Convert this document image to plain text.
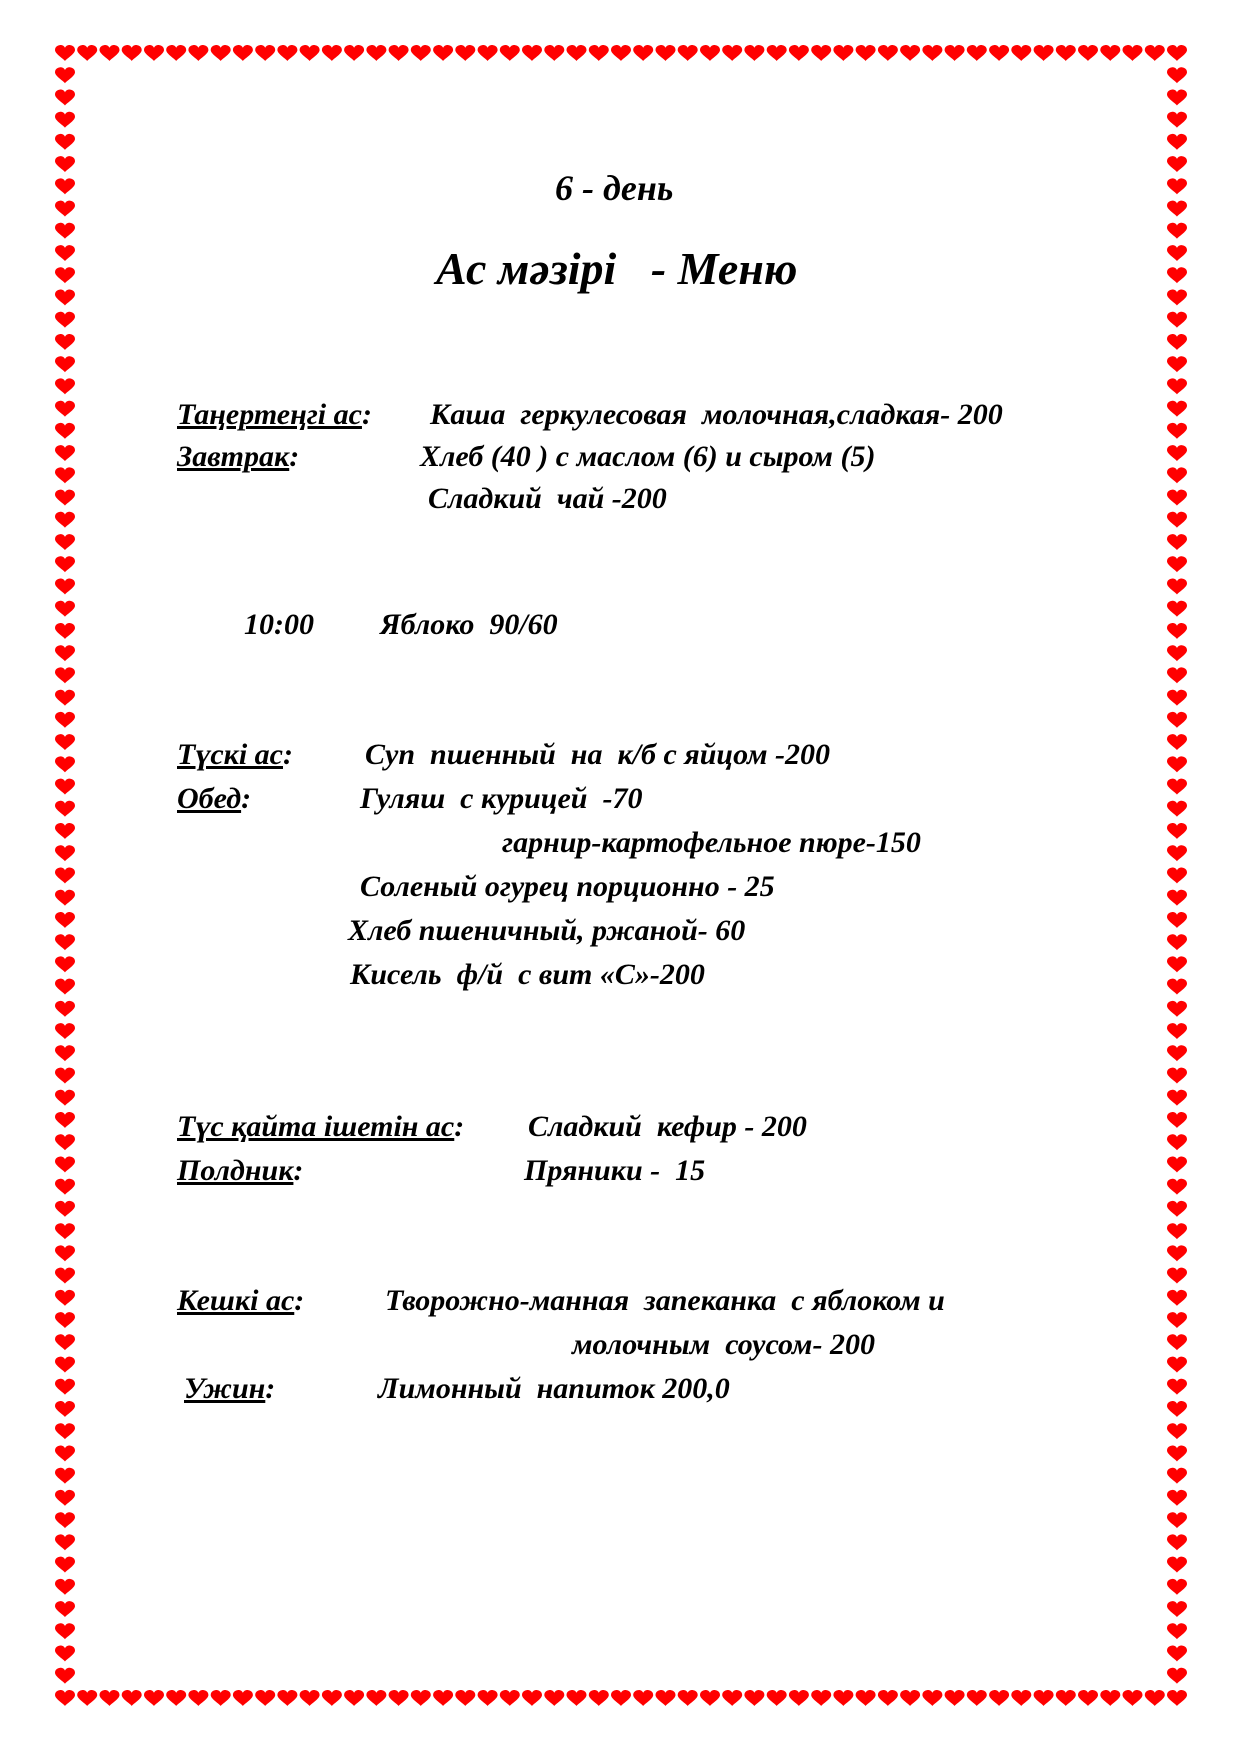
6 - день
Ас мәзірі   - Меню
Таңертеңгі ас: Каша  геркулесовая  молочная,сладкая- 200
Завтрак:	Хлеб (40 ) с маслом (6) и сыром (5)
Сладкий  чай -200
10:00 Яблоко  90/60
Түскі ас: Суп  пшенный  на  к/б с яйцом -200
Обед:	Гуляш  с курицей  -70
гарнир-картофельное пюре-150
Соленый огурец порционно - 25
Хлеб пшеничный, ржаной- 60
Кисель  ф/й  с вит «С»-200
Түс қайта ішетін ас: Сладкий  кефир - 200
Полдник:	Пряники -  15
Кешкі ас:	Творожно-манная  запеканка  с яблоком и
молочным  соусом- 200
Ужин:	Лимонный  напиток 200,0
